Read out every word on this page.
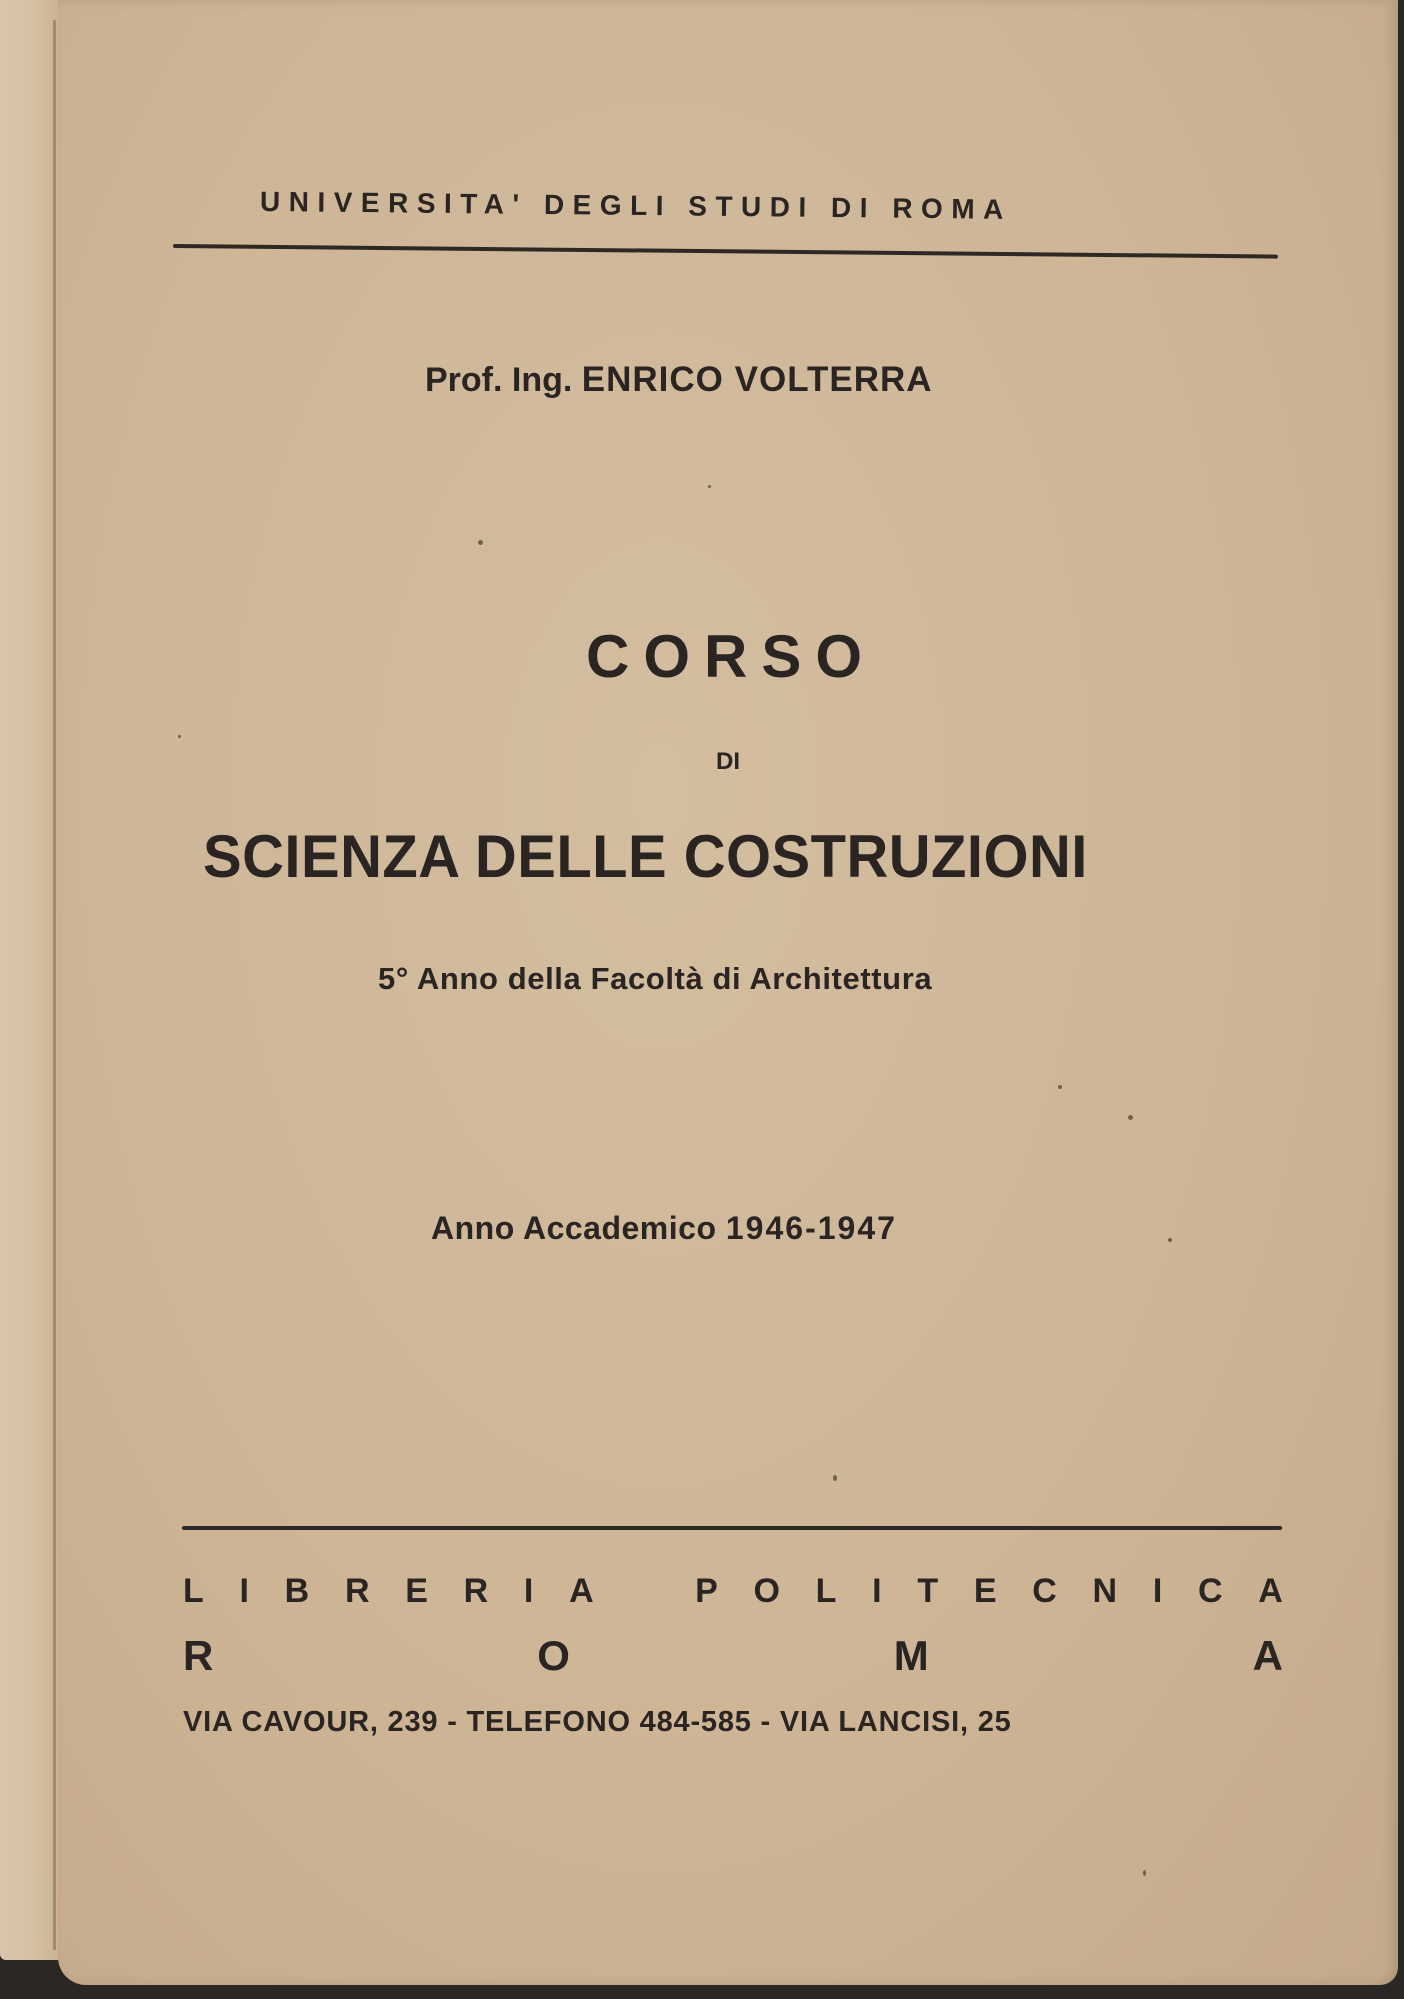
UNIVERSITA' DEGLI STUDI DI ROMA
Prof. Ing. ENRICO VOLTERRA
CORSO
DI
SCIENZA DELLE COSTRUZIONI
5° Anno della Facoltà di Architettura
Anno Accademico 1946-1947
L I B R E R I A	P O L I T E C N I C A
R	O	M	A
VIA CAVOUR, 239 - TELEFONO 484-585 - VIA LANCISI, 25
